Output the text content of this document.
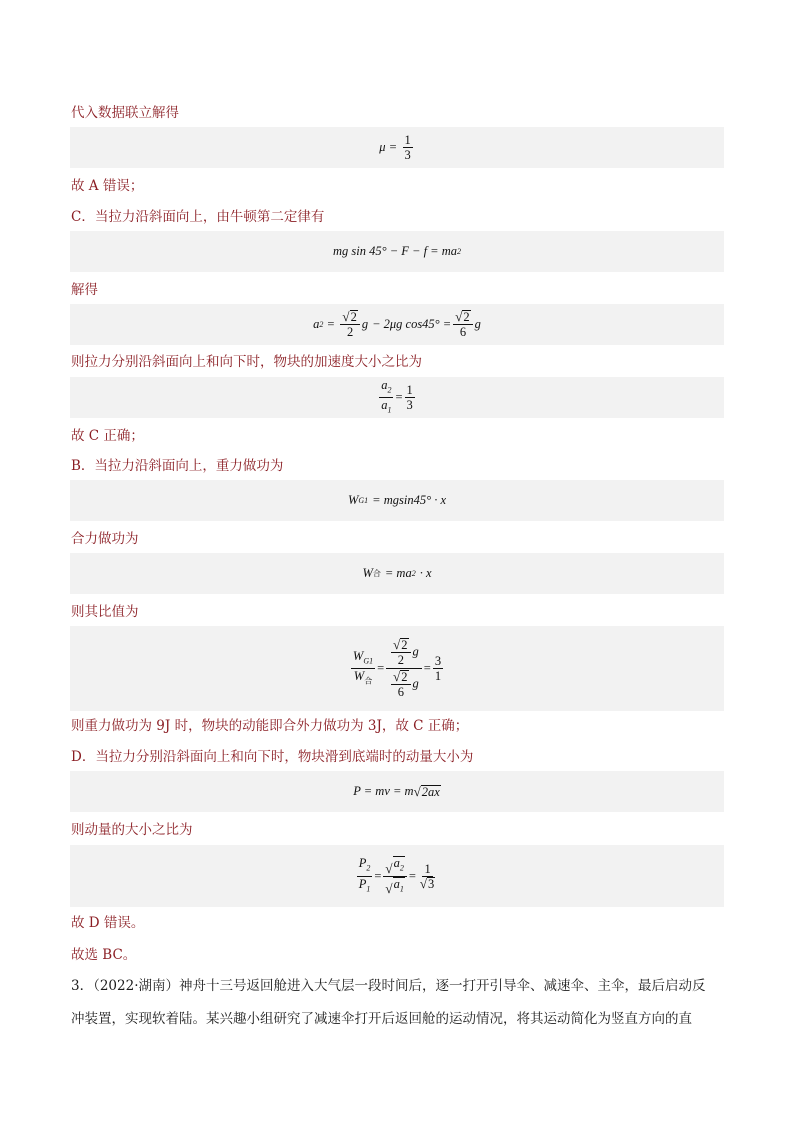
代入数据联立解得
$\mu = \frac{1}{3}$
故 A 错误；
C．当拉力沿斜面向上，由牛顿第二定律有
mg sin 45° − F − f = ma 2
解得
a $2 = \frac{√ 2}{2}$ g − 2μg $\cos 45^\circ = \frac{√ 2}{6}$ g
则拉力分别沿斜面向上和向下时，物块的加速度大小之比为
$\frac{a_2}{a_1} = \frac{1}{3}$
故 C 正确；
B．当拉力沿斜面向上，重力做功为
W G1 = mgsin45° · x
合力做功为
W 合 = ma 2 · x
则其比值为
$\frac{W_{G1}}{W_合} = \frac{\frac{√ 2}{2} g}{\frac{√ 2}{6} g} = \frac{3}{1}$
则重力做功为 9J 时，物块的动能即合外力做功为 3J，故 C 正确；
D．当拉力分别沿斜面向上和向下时，物块滑到底端时的动量大小为
P = mv = m √ 2ax
则动量的大小之比为
$\frac{P_2}{P_1} = \frac{√ a_2}{√ a_1} = \frac{1}{√ 3}$
故 D 错误。
故选 BC。
3．（2022·湖南）神舟十三号返回舱进入大气层一段时间后，逐一打开引导伞、减速伞、主伞，最后启动反
冲装置，实现软着陆。某兴趣小组研究了减速伞打开后返回舱的运动情况，将其运动简化为竖直方向的直
